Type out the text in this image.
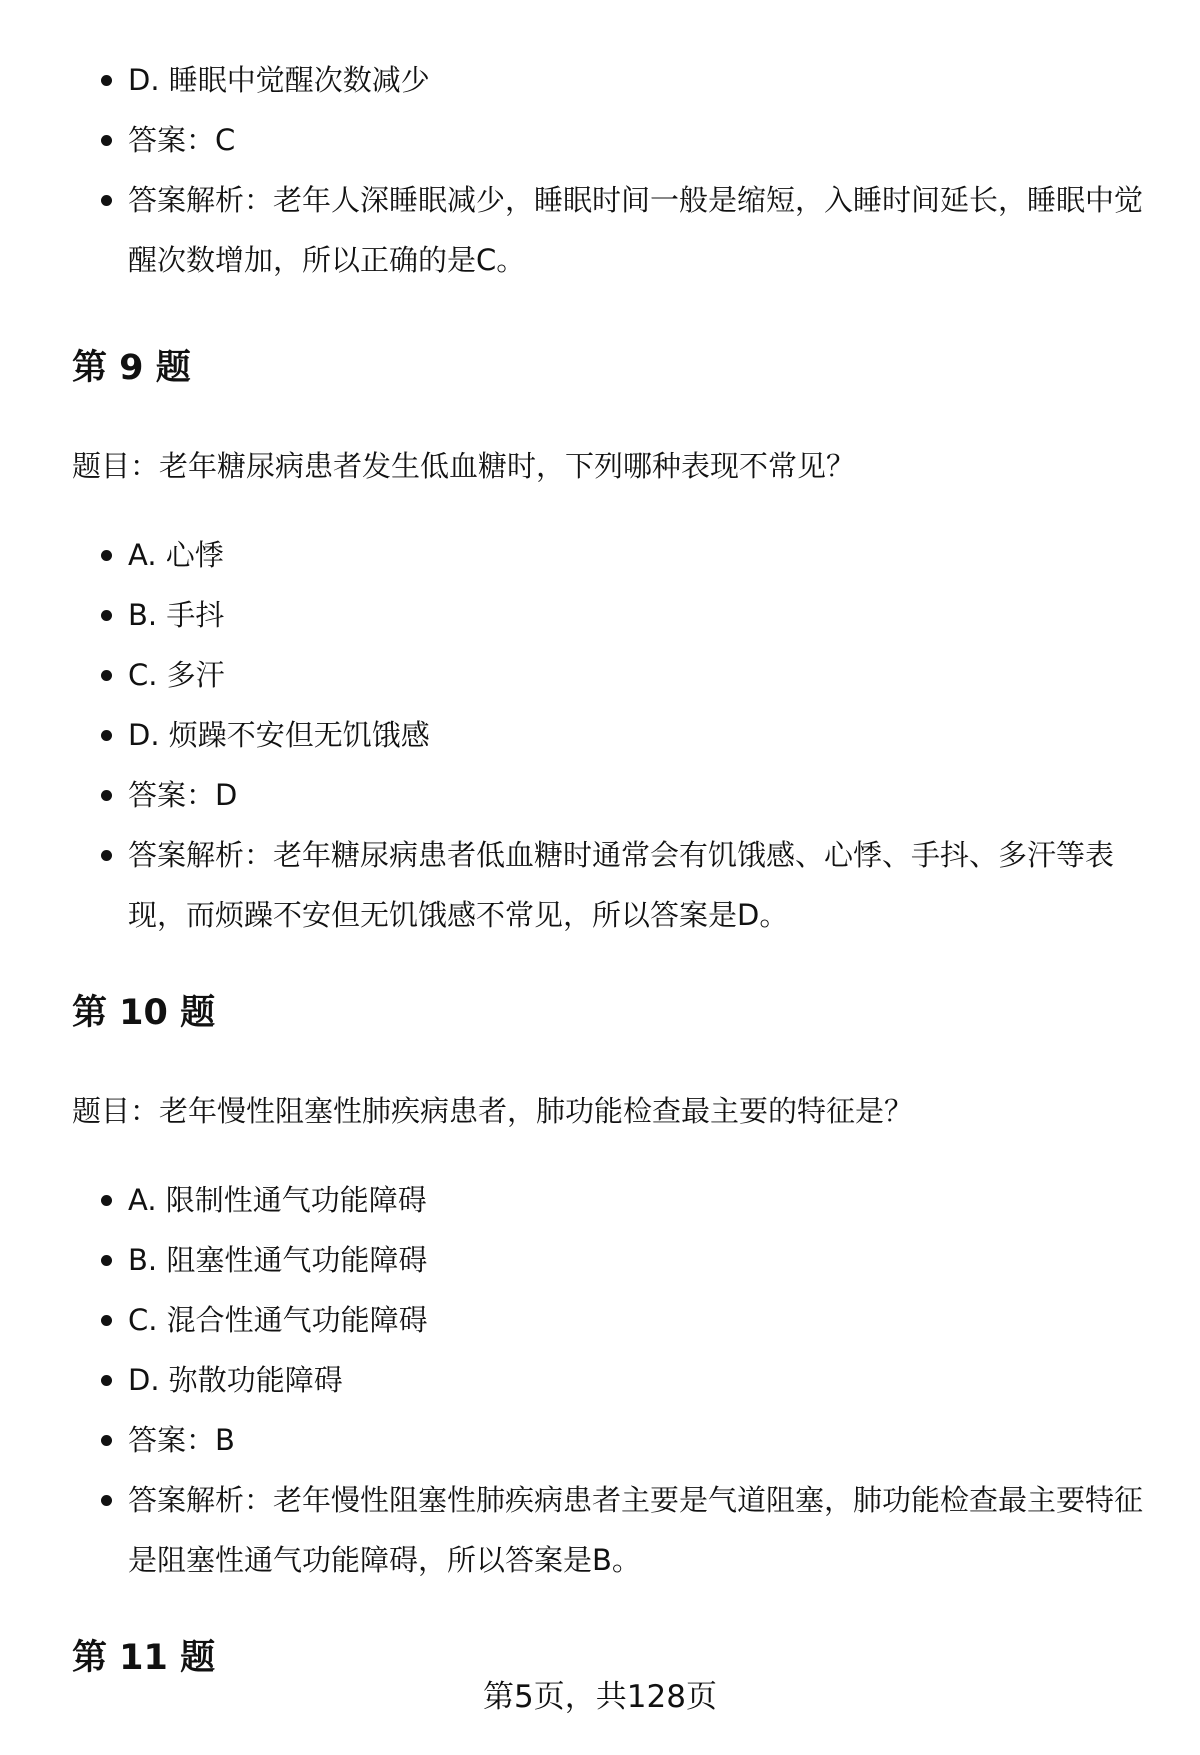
D. 睡眠中觉醒次数减少
答案：C
答案解析：老年人深睡眠减少，睡眠时间一般是缩短，入睡时间延长，睡眠中觉醒次数增加，所以正确的是C。
第 9 题

题目：老年糖尿病患者发生低血糖时，下列哪种表现不常见？

A. 心悸
B. 手抖
C. 多汗
D. 烦躁不安但无饥饿感
答案：D
答案解析：老年糖尿病患者低血糖时通常会有饥饿感、心悸、手抖、多汗等表现，而烦躁不安但无饥饿感不常见，所以答案是D。
第 10 题

题目：老年慢性阻塞性肺疾病患者，肺功能检查最主要的特征是？

A. 限制性通气功能障碍
B. 阻塞性通气功能障碍
C. 混合性通气功能障碍
D. 弥散功能障碍
答案：B
答案解析：老年慢性阻塞性肺疾病患者主要是气道阻塞，肺功能检查最主要特征是阻塞性通气功能障碍，所以答案是B。
第 11 题
第5页，共128页
